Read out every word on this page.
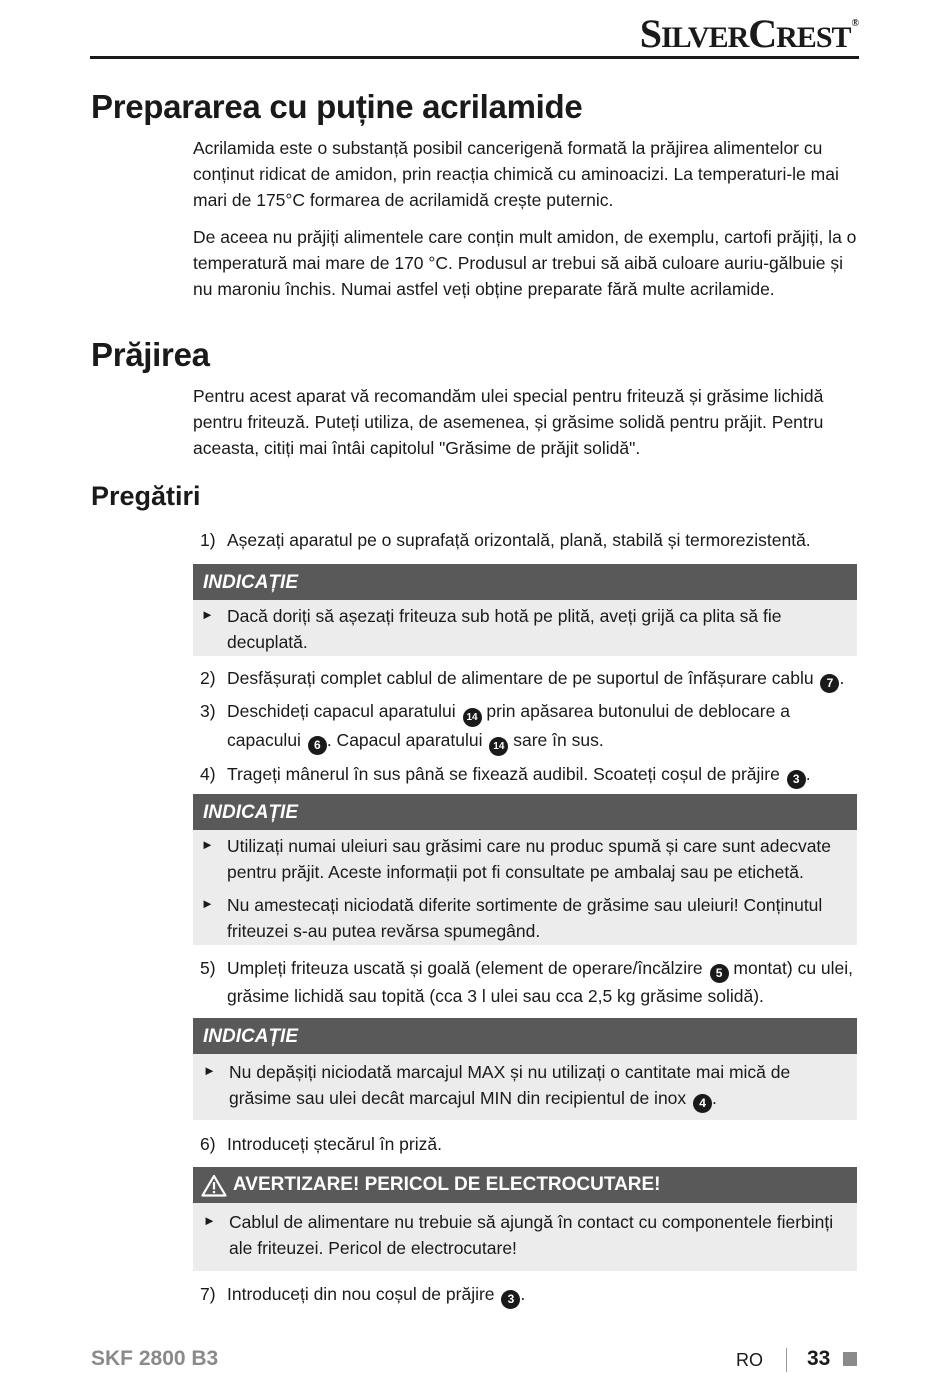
SILVERCREST®
Prepararea cu puține acrilamide

Acrilamida este o substanță posibil cancerigenă formată la prăjirea alimentelor cu conținut ridicat de amidon, prin reacția chimică cu aminoacizi. La temperaturi-le mai mari de 175°C formarea de acrilamidă crește puternic.

De aceea nu prăjiți alimentele care conțin mult amidon, de exemplu, cartofi prăjiți, la o temperatură mai mare de 170 °C. Produsul ar trebui să aibă culoare auriu-gălbuie și nu maroniu închis. Numai astfel veți obține preparate fără multe acrilamide.

Prăjirea

Pentru acest aparat vă recomandăm ulei special pentru friteuză și grăsime lichidă pentru friteuză. Puteți utiliza, de asemenea, și grăsime solidă pentru prăjit. Pentru aceasta, citiți mai întâi capitolul "Grăsime de prăjit solidă".

Pregătiri
1) Așezați aparatul pe o suprafață orizontală, plană, stabilă și termorezistentă.
INDICAȚIE
► Dacă doriți să așezați friteuza sub hotă pe plită, aveți grijă ca plita să fie decuplată.
2) Desfășurați complet cablul de alimentare de pe suportul de înfășurare cablu 7 .
3) Deschideți capacul aparatului 14 prin apăsarea butonului de deblocare a capacului 6 . Capacul aparatului 14 sare în sus.
4) Trageți mânerul în sus până se fixează audibil. Scoateți coșul de prăjire 3 .
INDICAȚIE
► Utilizați numai uleiuri sau grăsimi care nu produc spumă și care sunt adecvate pentru prăjit. Aceste informații pot fi consultate pe ambalaj sau pe etichetă.
► Nu amestecați niciodată diferite sortimente de grăsime sau uleiuri! Conținutul friteuzei s-au putea revărsa spumegând.
5) Umpleți friteuza uscată și goală (element de operare/încălzire 5 montat) cu ulei, grăsime lichidă sau topită (cca 3 l ulei sau cca 2,5 kg grăsime solidă).
INDICAȚIE
► Nu depășiți niciodată marcajul MAX și nu utilizați o cantitate mai mică de grăsime sau ulei decât marcajul MIN din recipientul de inox 4 .
6) Introduceți ștecărul în priză.
AVERTIZARE! PERICOL DE ELECTROCUTARE!
► Cablul de alimentare nu trebuie să ajungă în contact cu componentele fierbinți ale friteuzei. Pericol de electrocutare!
7) Introduceți din nou coșul de prăjire 3 .
SKF 2800 B3	RO 33
